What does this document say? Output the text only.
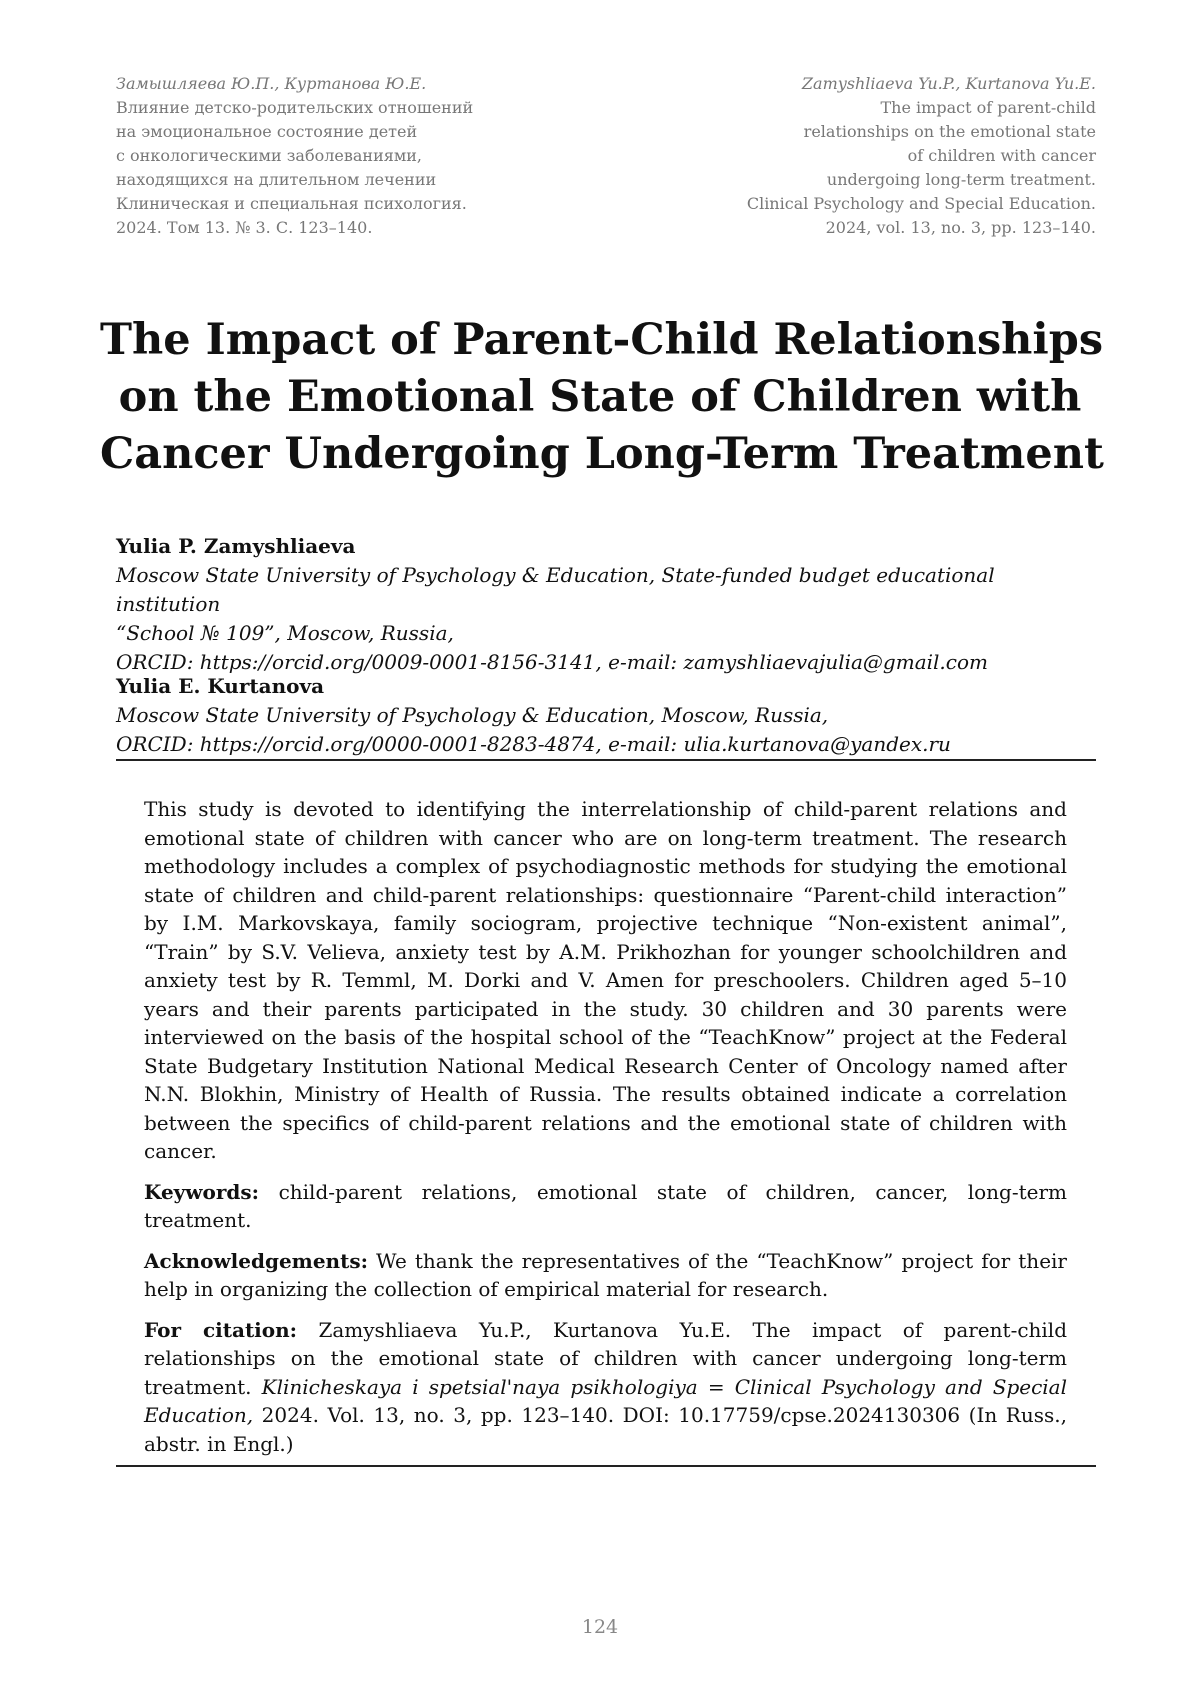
Замышляева Ю.П., Куртанова Ю.Е.
Влияние детско-родительских отношений
на эмоциональное состояние детей
с онкологическими заболеваниями,
находящихся на длительном лечении
Клиническая и специальная психология.
2024. Том 13. № 3. С. 123–140.
Zamyshliaeva Yu.P., Kurtanova Yu.E.
The impact of parent-child
relationships on the emotional state
of children with cancer
undergoing long-term treatment.
Clinical Psychology and Special Education.
2024, vol. 13, no. 3, pp. 123–140.
The Impact of Parent-Child Relationships
on the Emotional State of Children with
Cancer Undergoing Long-Term Treatment
Yulia P. Zamyshliaeva
Moscow State University of Psychology & Education, State-funded budget educational institution
“School № 109”, Moscow, Russia,
ORCID: https://orcid.org/0009-0001-8156-3141, e-mail: zamyshliaevajulia@gmail.com
Yulia E. Kurtanova
Moscow State University of Psychology & Education, Moscow, Russia,
ORCID: https://orcid.org/0000-0001-8283-4874, e-mail: ulia.kurtanova@yandex.ru

This study is devoted to identifying the interrelationship of child-parent relations and emotional state of children with cancer who are on long-term treatment. The research methodology includes a complex of psychodiagnostic methods for studying the emotional state of children and child-parent relationships: questionnaire “Parent-child interaction” by I.M. Markovskaya, family sociogram, projective technique “Non-existent animal”, “Train” by S.V. Velieva, anxiety test by A.M. Prikhozhan for younger schoolchildren and anxiety test by R. Temml, M. Dorki and V. Amen for preschoolers. Children aged 5–10 years and their parents participated in the study. 30 children and 30 parents were interviewed on the basis of the hospital school of the “TeachKnow” project at the Federal State Budgetary Institution National Medical Research Center of Oncology named after N.N. Blokhin, Ministry of Health of Russia. The results obtained indicate a correlation between the specifics of child-parent relations and the emotional state of children with cancer.

Keywords: child-parent relations, emotional state of children, cancer, long-term treatment.

Acknowledgements: We thank the representatives of the “TeachKnow” project for their help in organizing the collection of empirical material for research.

For citation: Zamyshliaeva Yu.P., Kurtanova Yu.E. The impact of parent-child relationships on the emotional state of children with cancer undergoing long-term treatment. Klinicheskaya i spetsial'naya psikhologiya = Clinical Psychology and Special Education, 2024. Vol. 13, no. 3, pp. 123–140. DOI: 10.17759/cpse.2024130306 (In Russ., abstr. in Engl.)

124
